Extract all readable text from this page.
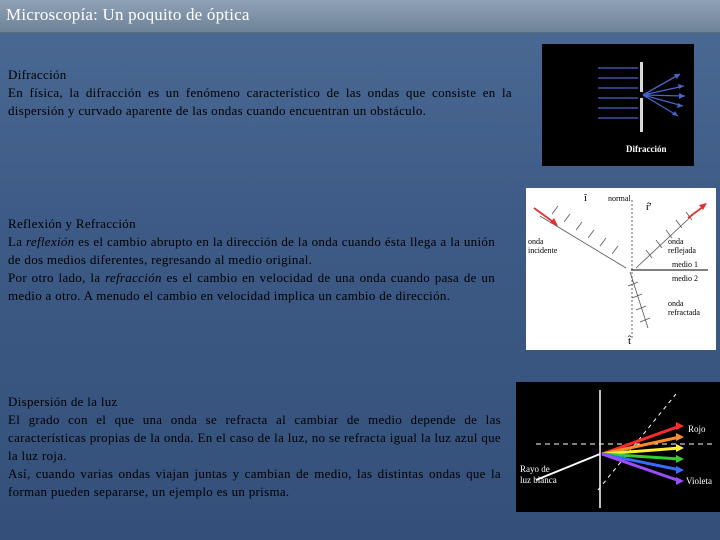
Microscopía: Un poquito de óptica
Difracción

En física, la difracción es un fenómeno característico de las ondas que consiste en la dispersión y curvado aparente de las ondas cuando encuentran un obstáculo.

Reflexión y Refracción

La reflexión es el cambio abrupto en la dirección de la onda cuando ésta llega a la unión de dos medios diferentes, regresando al medio original.

Por otro lado, la refracción es el cambio en velocidad de una onda cuando pasa de un medio a otro. A menudo el cambio en velocidad implica un cambio de dirección.

Dispersión de la luz

El grado con el que una onda se refracta al cambiar de medio depende de las características propias de la onda. En el caso de la luz, no se refracta igual la luz azul que la luz roja.

Así, cuando varias ondas viajan juntas y cambian de medio, las distintas ondas que la forman pueden separarse, un ejemplo es un prisma.

Difracción
î	normal
r̂'
onda
incidente
onda
reflejada
medio 1
medio 2
onda
refractada
t̂
Rayo de
luz blanca
Rojo
Violeta
